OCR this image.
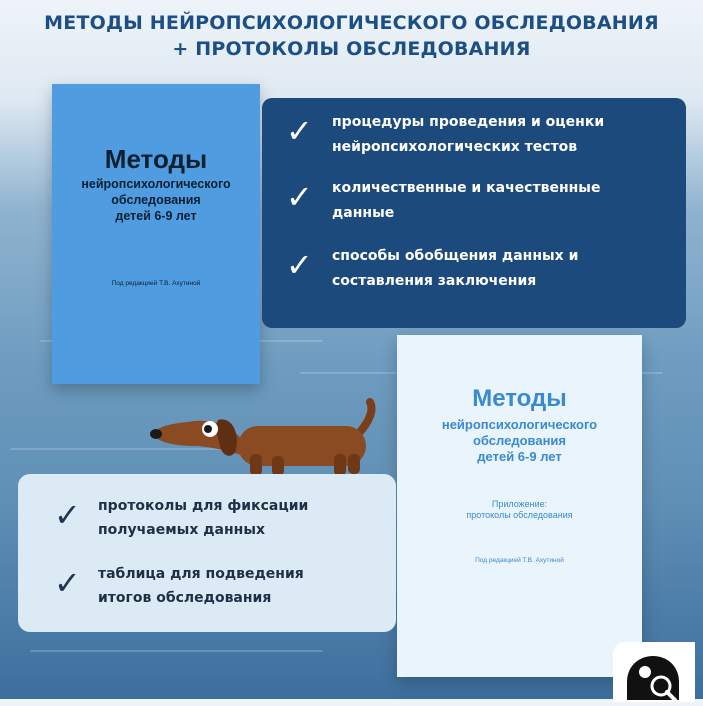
МЕТОДЫ НЕЙРОПСИХОЛОГИЧЕСКОГО ОБСЛЕДОВАНИЯ
+ ПРОТОКОЛЫ ОБСЛЕДОВАНИЯ
Методы
нейропсихологического
обследования
детей 6-9 лет
Под редакцией Т.В. Ахутиной
✓ процедуры проведения и оценки
нейропсихологических тестов
✓ количественные и качественные
данные
✓ способы обобщения данных и
составления заключения
Методы
нейропсихологического
обследования
детей 6-9 лет
Приложение:
протоколы обследования
Под редакцией Т.В. Ахутиной
✓ протоколы для фиксации
получаемых данных
✓ таблица для подведения
итогов обследования
